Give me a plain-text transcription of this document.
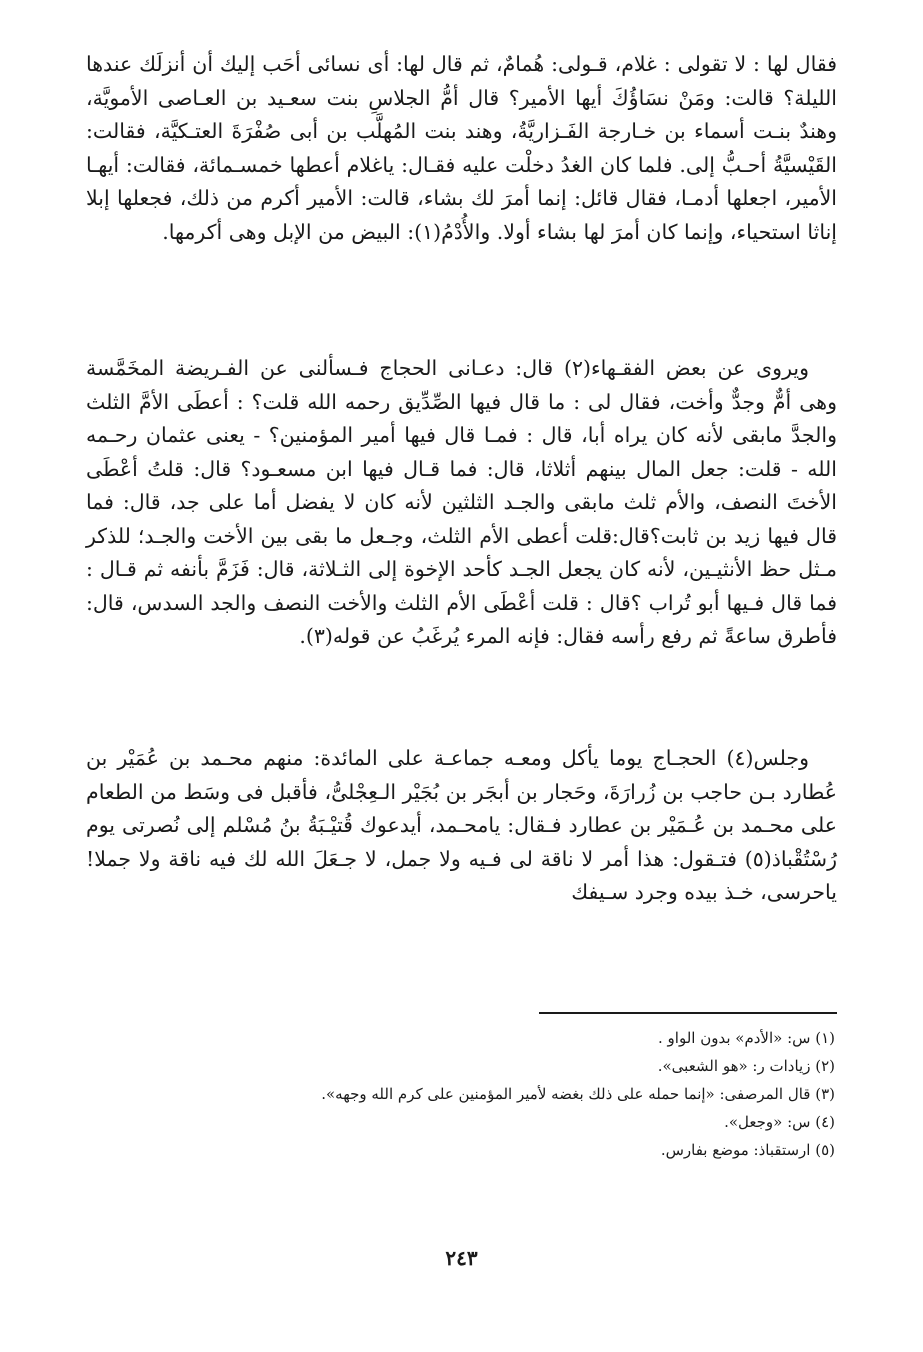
فقال لها : لا تقولى : غلام، قـولى: هُمامٌ، ثم قال لها: أى نسائى أحَب إليك أن أنزلَك عندها الليلة؟ قالت: ومَنْ نسَاؤُكَ أيها الأمير؟ قال أمُّ الجلاسِ بنت سعـيد بن العـاصى الأمويَّة، وهندٌ بنـت أسماء بن خـارجة الفَـزاريَّةُ، وهند بنت المُهلَّب بن أبى صُفْرَةَ العتـكيَّة، فقالت: القَيْسيَّةُ أحـبُّ إلى. فلما كان الغدُ دخلْت عليه فقـال: ياغلام أعطها خمسـمائة، فقالت: أيهـا الأمير، اجعلها أدمـا، فقال قائل: إنما أمرَ لك بشاء، قالت: الأمير أكرم من ذلك، فجعلها إبلا إناثا استحياء، وإنما كان أمرَ لها بشاء أولا. والأُدْمُ(١): البيض من الإبل وهى أكرمها.

ويروى عن بعض الفقـهاء(٢) قال: دعـانى الحجاج فـسألنى عن الفـريضة المخَمَّسة وهى أمٌّ وجدٌّ وأخت، فقال لى : ما قال فيها الصِّدِّيق رحمه الله قلت؟ : أعطَى الأمَّ الثلث والجدَّ مابقى لأنه كان يراه أبا، قال : فمـا قال فيها أمير المؤمنين؟ - يعنى عثمان رحـمه الله - قلت: جعل المال بينهم أثلاثا، قال: فما قـال فيها ابن مسعـود؟ قال: قلتُ أعْطَى الأختَ النصف، والأم ثلث مابقى والجـد الثلثين لأنه كان لا يفضل أما على جد، قال: فما قال فيها زيد بن ثابت؟قال:قلت أعطى الأم الثلث، وجـعل ما بقى بين الأخت والجـد؛ للذكر مـثل حظ الأنثيـين، لأنه كان يجعل الجـد كأحد الإخوة إلى الثـلاثة، قال: فَزَمَّ بأنفه ثم قـال : فما قال فـيها أبو تُراب ؟قال : قلت أعْطَى الأم الثلث والأخت النصف والجد السدس، قال: فأطرق ساعةً ثم رفع رأسه فقال: فإنه المرء يُرغَبُ عن قوله(٣).

وجلس(٤) الحجـاج يوما يأكل ومعـه جماعـة على المائدة: منهم محـمد بن عُمَيْر بن عُطارد بـن حاجب بن زُرارَةَ، وحَجار بن أبجَر بن بُجَيْر الـعِجْلىُّ، فأقبل فى وسَط من الطعام على محـمد بن عُـمَيْر بن عطارد فـقال: يامحـمد، أيدعوك قُتيْـبَةُ بنُ مُسْلم إلى نُصرتى يوم رُسْتُقْباذ(٥) فتـقول: هذا أمر لا ناقة لى فـيه ولا جمل، لا جـعَلَ الله لك فيه ناقة ولا جملا! ياحرسى، خـذ بيده وجرد سـيفك

(١) س: «الأدم» بدون الواو .
(٢) زيادات ر: «هو الشعبى».
(٣) قال المرصفى: «إنما حمله على ذلك بغضه لأمير المؤمنين على كرم الله وجهه».
(٤) س: «وجعل».
(٥) ارستقباذ: موضع بفارس.
٢٤٣
